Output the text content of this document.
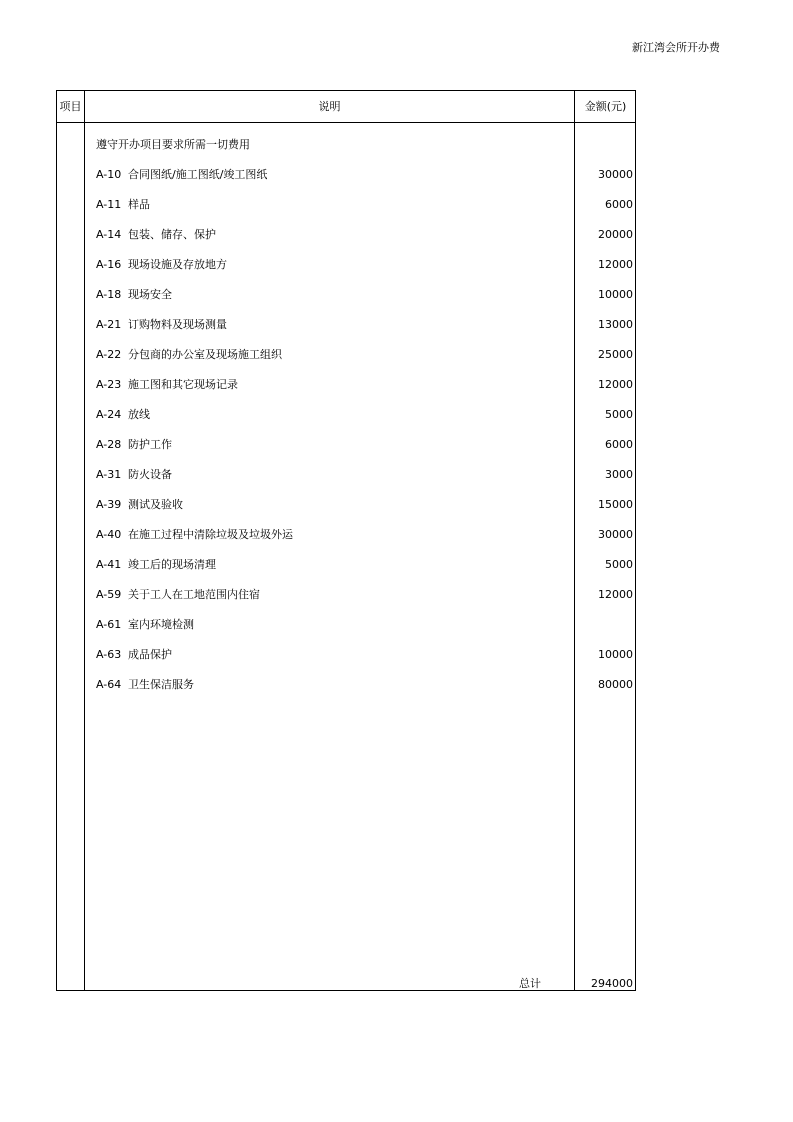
新江湾会所开办费
项目	说明	金额(元)
遵守开办项目要求所需一切费用
A-10 合同图纸/施工图纸/竣工图纸	30000
A-11 样品	6000
A-14 包装、储存、保护	20000
A-16 现场设施及存放地方	12000
A-18 现场安全	10000
A-21 订购物料及现场测量	13000
A-22 分包商的办公室及现场施工组织	25000
A-23 施工图和其它现场记录	12000
A-24 放线	5000
A-28 防护工作	6000
A-31 防火设备	3000
A-39 测试及验收	15000
A-40 在施工过程中清除垃圾及垃圾外运	30000
A-41 竣工后的现场清理	5000
A-59 关于工人在工地范围内住宿	12000
A-61 室内环境检测
A-63 成品保护	10000
A-64 卫生保洁服务	80000
总计	294000
